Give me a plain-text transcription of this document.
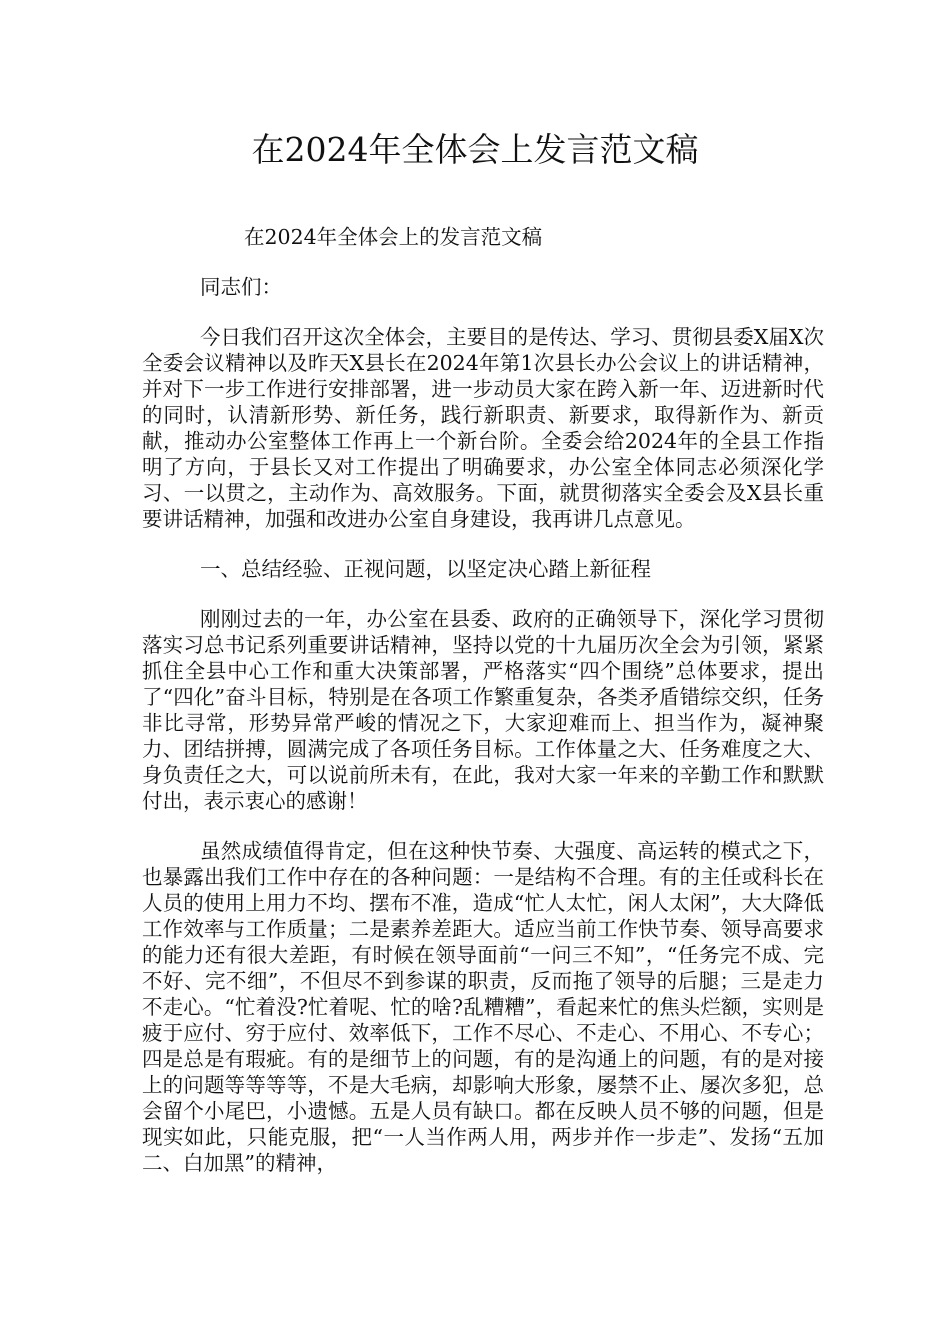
在2024年全体会上发言范文稿

在2024年全体会上的发言范文稿

同志们：

今日我们召开这次全体会，主要目的是传达、学习、贯彻县委X届X次全委会议精神以及昨天X县长在2024年第1次县长办公会议上的讲话精神，并对下一步工作进行安排部署，进一步动员大家在跨入新一年、迈进新时代的同时，认清新形势、新任务，践行新职责、新要求，取得新作为、新贡献，推动办公室整体工作再上一个新台阶。全委会给2024年的全县工作指明了方向，于县长又对工作提出了明确要求，办公室全体同志必须深化学习、一以贯之，主动作为、高效服务。下面，就贯彻落实全委会及X县长重要讲话精神，加强和改进办公室自身建设，我再讲几点意见。

一、总结经验、正视问题，以坚定决心踏上新征程

刚刚过去的一年，办公室在县委、政府的正确领导下，深化学习贯彻落实习总书记系列重要讲话精神，坚持以党的十九届历次全会为引领，紧紧抓住全县中心工作和重大决策部署，严格落实“四个围绕”总体要求，提出了“四化”奋斗目标，特别是在各项工作繁重复杂，各类矛盾错综交织，任务非比寻常，形势异常严峻的情况之下，大家迎难而上、担当作为，凝神聚力、团结拼搏，圆满完成了各项任务目标。工作体量之大、任务难度之大、身负责任之大，可以说前所未有，在此，我对大家一年来的辛勤工作和默默付出，表示衷心的感谢！

虽然成绩值得肯定，但在这种快节奏、大强度、高运转的模式之下，也暴露出我们工作中存在的各种问题：一是结构不合理。有的主任或科长在人员的使用上用力不均、摆布不准，造成“忙人太忙，闲人太闲”，大大降低工作效率与工作质量；二是素养差距大。适应当前工作快节奏、领导高要求的能力还有很大差距，有时候在领导面前“一问三不知”，“任务完不成、完不好、完不细”，不但尽不到参谋的职责，反而拖了领导的后腿；三是走力不走心。“忙着没?忙着呢、忙的啥?乱糟糟”，看起来忙的焦头烂额，实则是疲于应付、穷于应付、效率低下，工作不尽心、不走心、不用心、不专心；四是总是有瑕疵。有的是细节上的问题，有的是沟通上的问题，有的是对接上的问题等等等等，不是大毛病，却影响大形象，屡禁不止、屡次多犯，总会留个小尾巴，小遗憾。五是人员有缺口。都在反映人员不够的问题，但是现实如此，只能克服，把“一人当作两人用，两步并作一步走”、发扬“五加二、白加黑”的精神，
